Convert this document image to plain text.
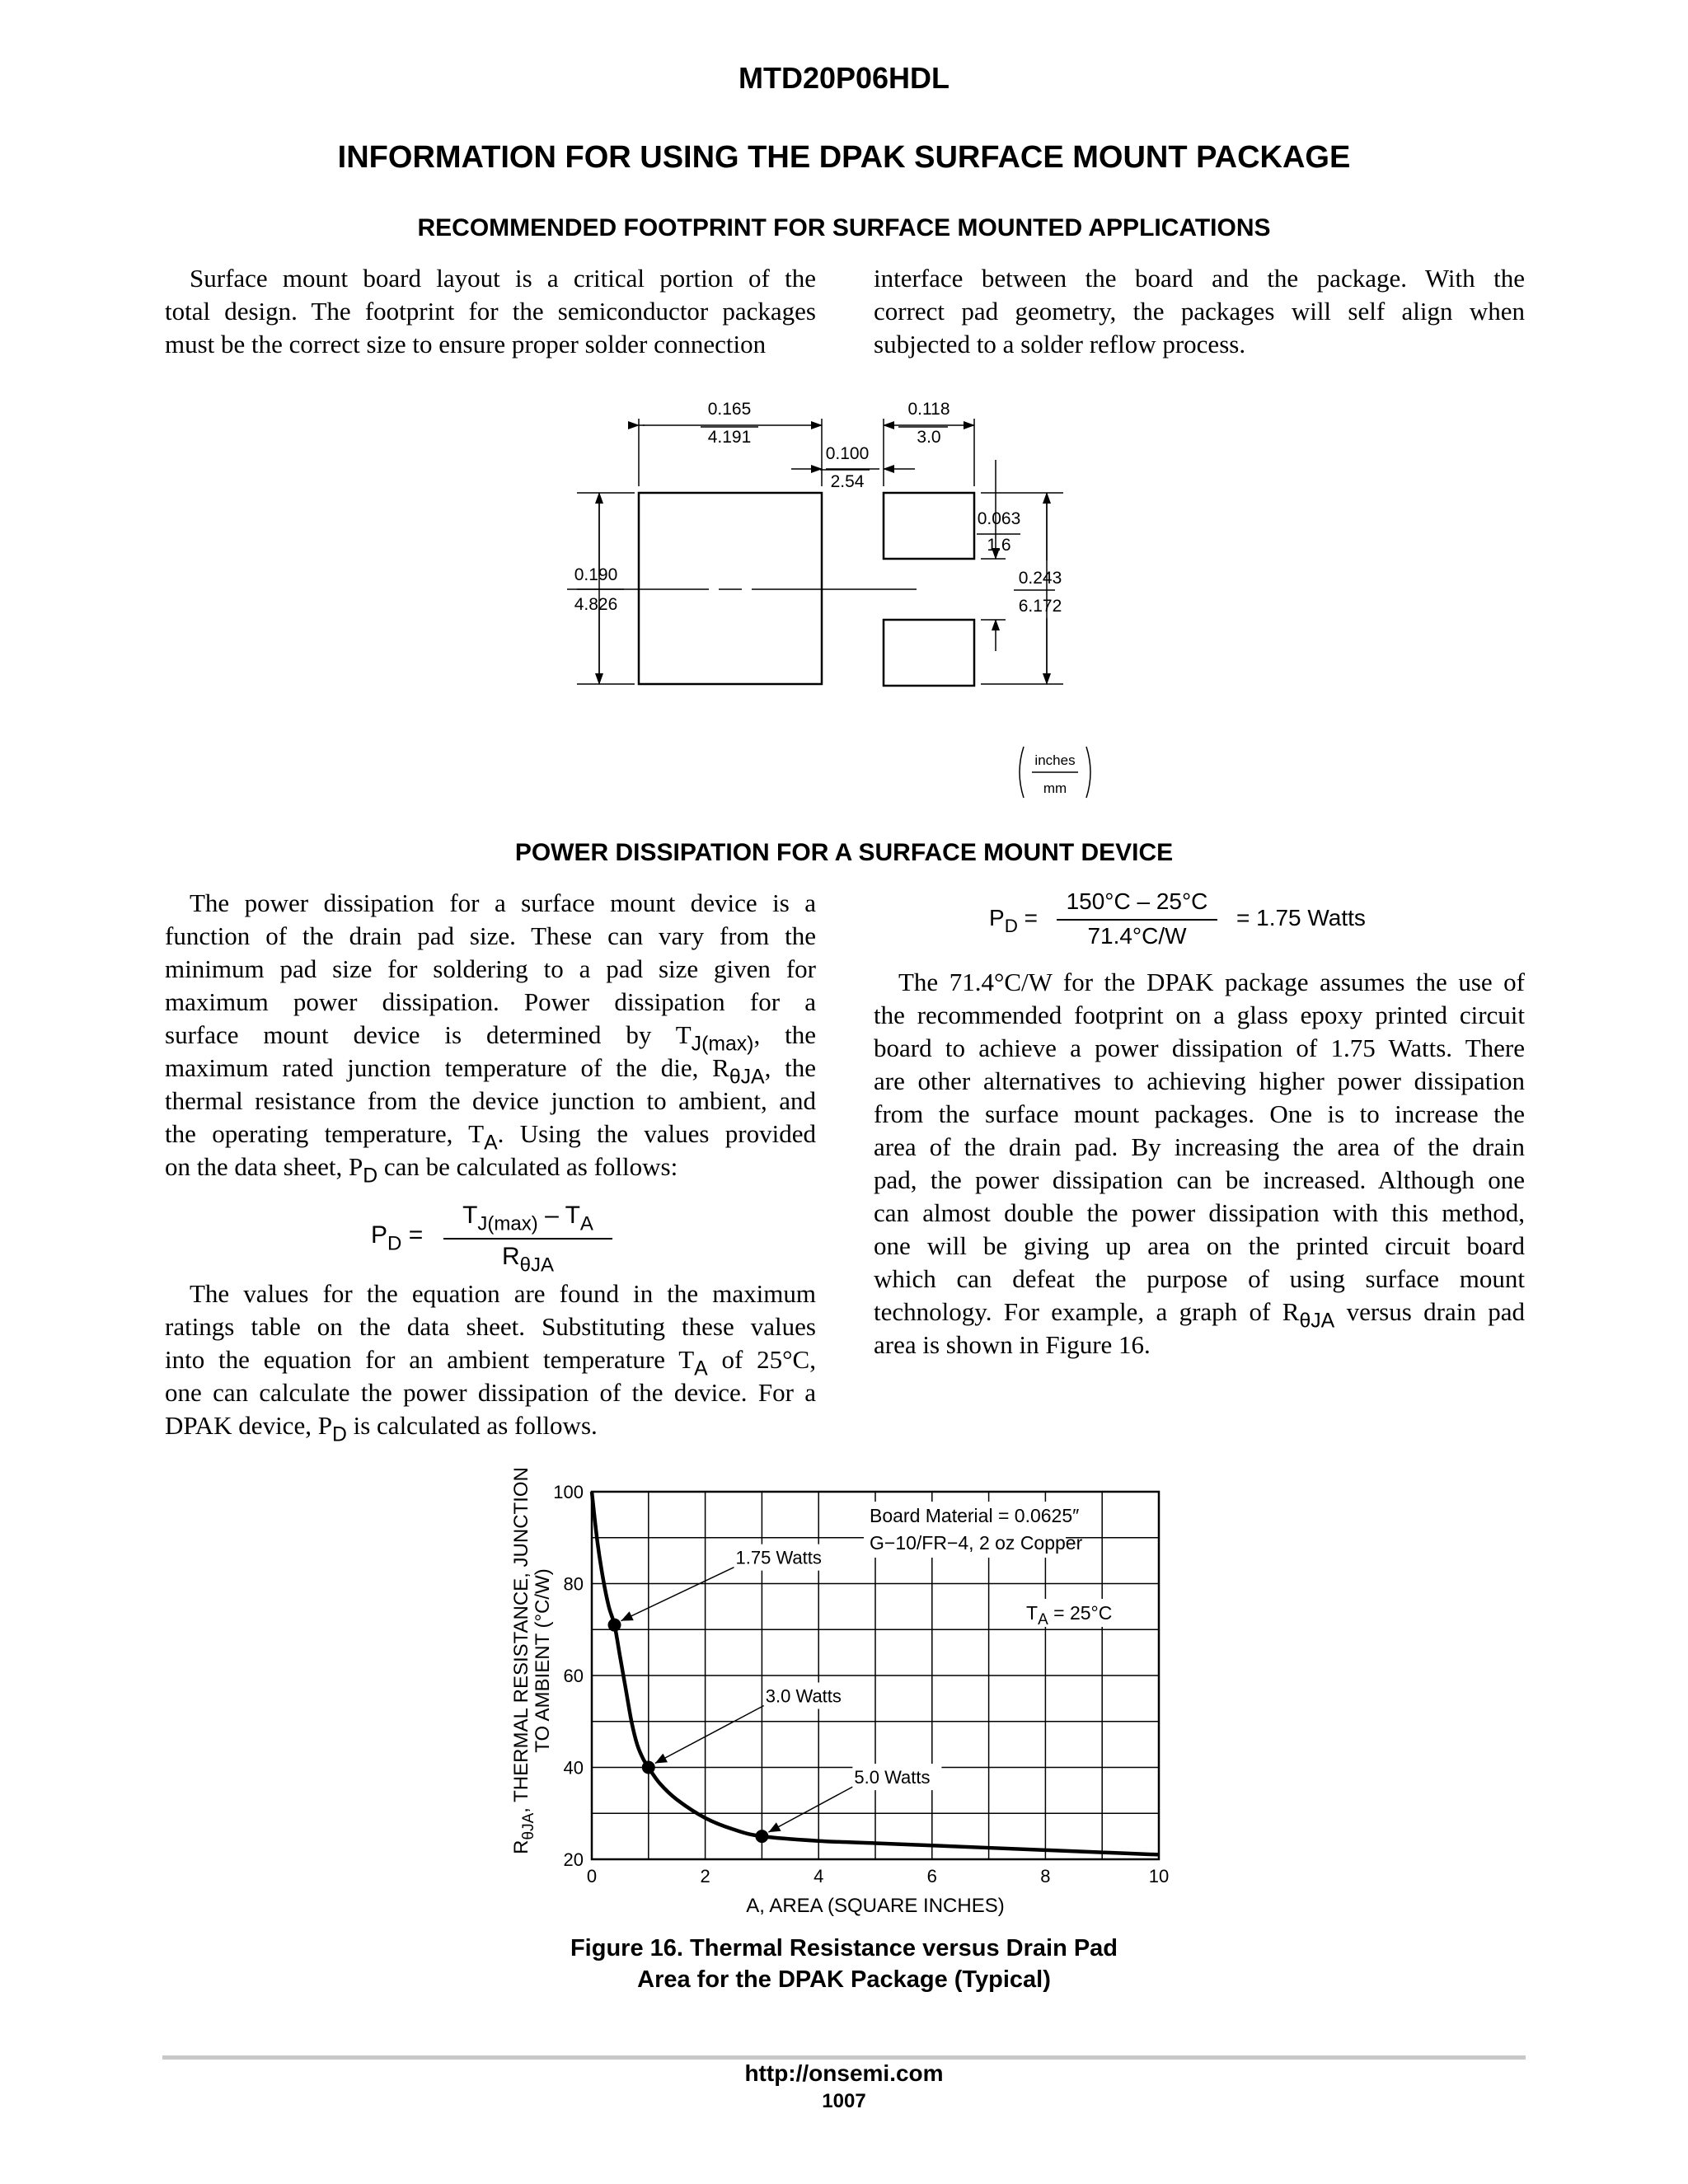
MTD20P06HDL
INFORMATION FOR USING THE DPAK SURFACE MOUNT PACKAGE
RECOMMENDED FOOTPRINT FOR SURFACE MOUNTED APPLICATIONS
Surface mount board layout is a critical portion of the
total design. The footprint for the semiconductor packages
must be the correct size to ensure proper solder connection
interface between the board and the package. With the
correct pad geometry, the packages will self align when
subjected to a solder reflow process.
0.165
4.191
0.100
2.54
0.118
3.0
0.063
1.6
0.190
4.826
0.243
6.172
inches
mm
POWER DISSIPATION FOR A SURFACE MOUNT DEVICE
The power dissipation for a surface mount device is a
function of the drain pad size. These can vary from the
minimum pad size for soldering to a pad size given for
maximum power dissipation. Power dissipation for a
surface mount device is determined by $T_{J(max)}$, the
maximum rated junction temperature of the die, $R_{\theta JA}$, the
thermal resistance from the device junction to ambient, and
the operating temperature, $T_A$. Using the values provided
on the data sheet, $P_D$ can be calculated as follows:
$P_D$ =
$T_{J(max)} - T_A$
$R_{\theta JA}$
The values for the equation are found in the maximum
ratings table on the data sheet. Substituting these values
into the equation for an ambient temperature $T_A$ of 25°C,
one can calculate the power dissipation of the device. For a
DPAK device, $P_D$ is calculated as follows.
$P_D$ =
150°C – 25°C
71.4°C/W
= 1.75 Watts
The 71.4°C/W for the DPAK package assumes the use of
the recommended footprint on a glass epoxy printed circuit
board to achieve a power dissipation of 1.75 Watts. There
are other alternatives to achieving higher power dissipation
from the surface mount packages. One is to increase the
area of the drain pad. By increasing the area of the drain
pad, the power dissipation can be increased. Although one
can almost double the power dissipation with this method,
one will be giving up area on the printed circuit board
which can defeat the purpose of using surface mount
technology. For example, a graph of $R_{\theta JA}$ versus drain pad
area is shown in Figure 16.
0	2	4	6	8	10
20
40
60
80
100
1.75 Watts
3.0 Watts
5.0 Watts
A, AREA (SQUARE INCHES)
$R_{\theta JA}$, THERMAL RESISTANCE, JUNCTION TO AMBIENT (°C/W)
Board Material = 0.0625″
G−10/FR−4, 2 oz Copper
$T_A = 25^\circ C$
Figure 16. Thermal Resistance versus Drain Pad
Area for the DPAK Package (Typical)
http://onsemi.com
1007
